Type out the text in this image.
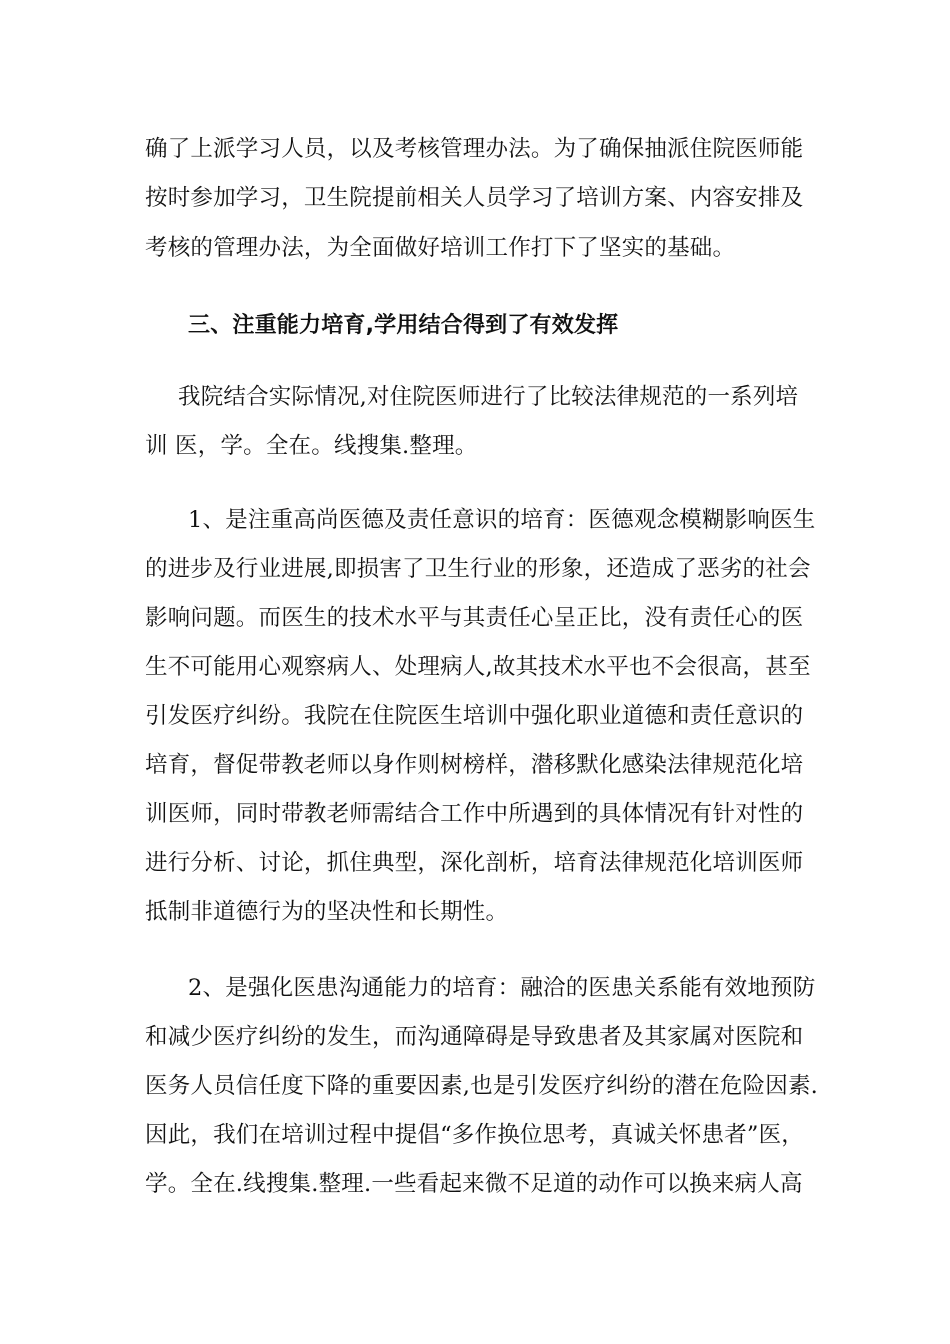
确了上派学习人员，以及考核管理办法。为了确保抽派住院医师能
按时参加学习，卫生院提前相关人员学习了培训方案、内容安排及
考核的管理办法，为全面做好培训工作打下了坚实的基础。
三、注重能力培育,学用结合得到了有效发挥
我院结合实际情况,对住院医师进行了比较法律规范的一系列培
训 医，学。全在。线搜集.整理。
1、是注重高尚医德及责任意识的培育：医德观念模糊影响医生
的进步及行业进展,即损害了卫生行业的形象，还造成了恶劣的社会
影响问题。而医生的技术水平与其责任心呈正比，没有责任心的医
生不可能用心观察病人、处理病人,故其技术水平也不会很高，甚至
引发医疗纠纷。我院在住院医生培训中强化职业道德和责任意识的
培育，督促带教老师以身作则树榜样，潜移默化感染法律规范化培
训医师，同时带教老师需结合工作中所遇到的具体情况有针对性的
进行分析、讨论，抓住典型，深化剖析，培育法律规范化培训医师
抵制非道德行为的坚决性和长期性。
2、是强化医患沟通能力的培育：融洽的医患关系能有效地预防
和减少医疗纠纷的发生，而沟通障碍是导致患者及其家属对医院和
医务人员信任度下降的重要因素,也是引发医疗纠纷的潜在危险因素.
因此，我们在培训过程中提倡“多作换位思考，真诚关怀患者”医，
学。全在.线搜集.整理.一些看起来微不足道的动作可以换来病人高
